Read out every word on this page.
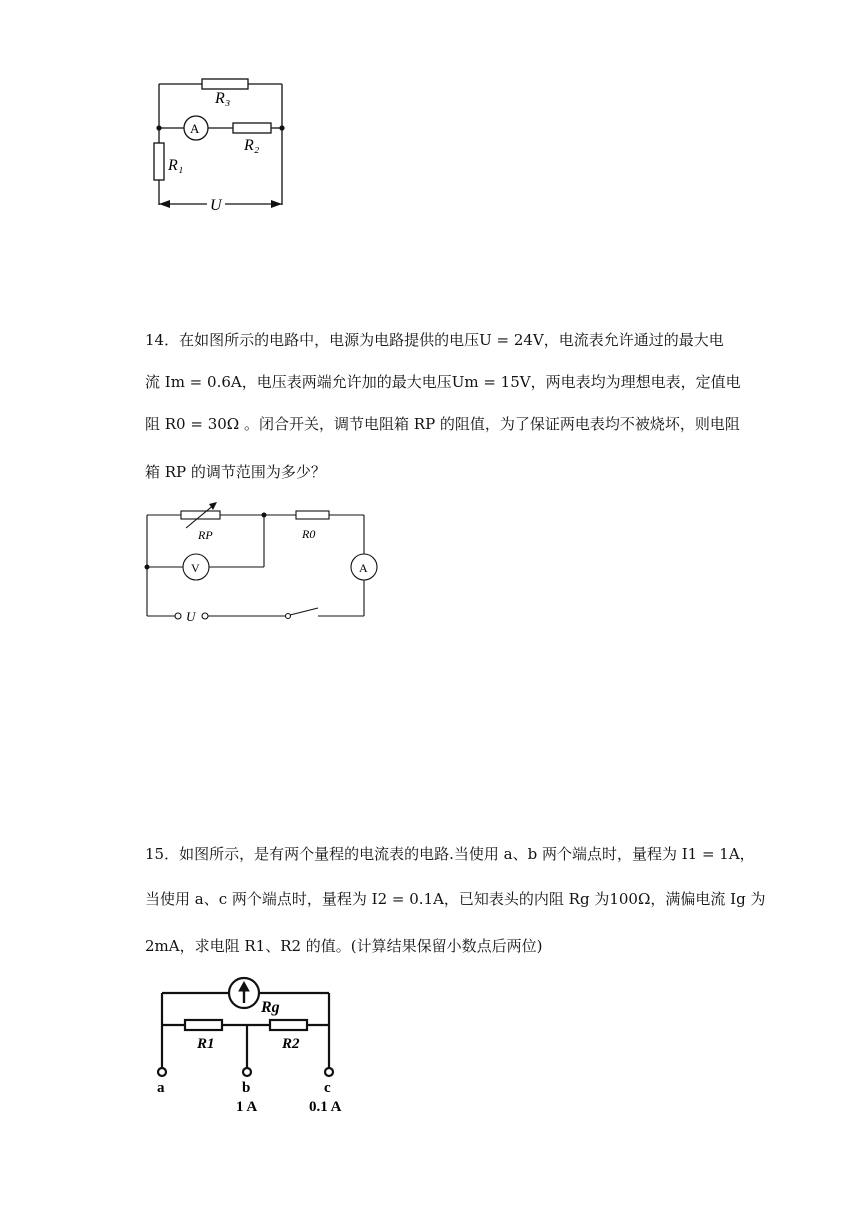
R₃
A
R₂
R₁
U
14．在如图所示的电路中，电源为电路提供的电压U = 24V，电流表允许通过的最大电
流 Im = 0.6A，电压表两端允许加的最大电压Um = 15V，两电表均为理想电表，定值电
阻 R0 = 30Ω 。闭合开关，调节电阻箱 RP 的阻值，为了保证两电表均不被烧坏，则电阻
箱 RP 的调节范围为多少？
RP	R0
V	A
U
15．如图所示，是有两个量程的电流表的电路.当使用 a、b 两个端点时，量程为 I1 = 1A，
当使用 a、c 两个端点时，量程为 I2 = 0.1A，已知表头的内阻 Rg 为100Ω，满偏电流 Ig 为
2mA，求电阻 R1、R2 的值。(计算结果保留小数点后两位)
Rg
R1	R2
a	b	c
1 A	0.1 A
